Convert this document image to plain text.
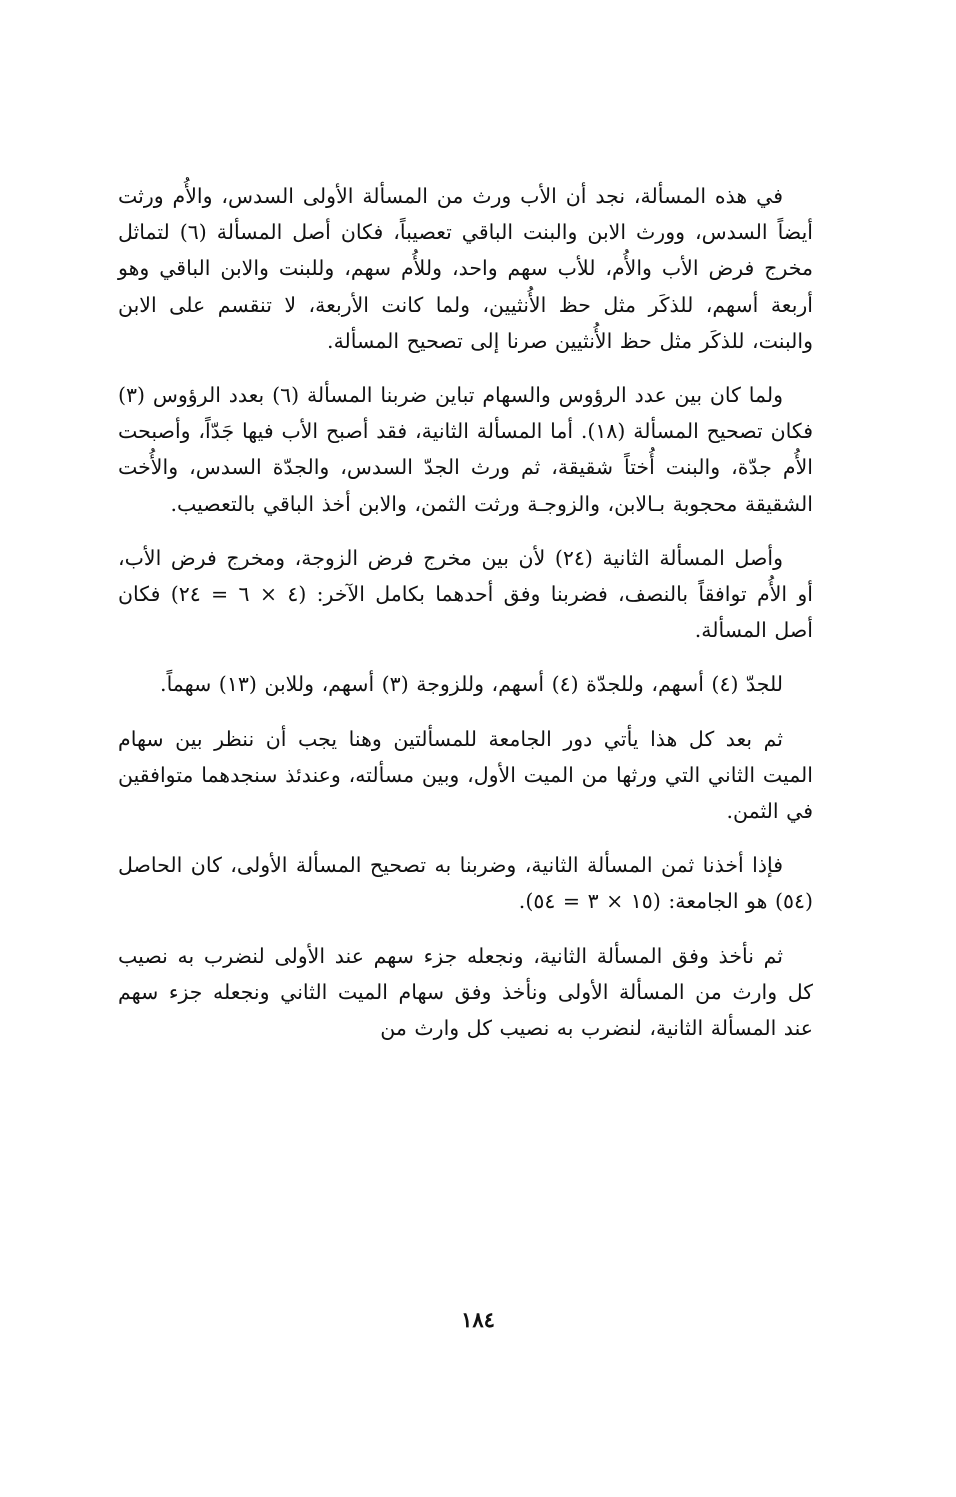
في هذه المسألة، نجد أن الأب ورث من المسألة الأولى السدس، والأُم ورثت أيضاً السدس، وورث الابن والبنت الباقي تعصيباً، فكان أصل المسألة (٦) لتماثل مخرج فرض الأب والأُم، للأب سهم واحد، وللأُم سهم، وللبنت والابن الباقي وهو أربعة أسهم، للذكَر مثل حظ الأُنثيين، ولما كانت الأربعة، لا تنقسم على الابن والبنت، للذكَر مثل حظ الأُنثيين صرنا إلى تصحيح المسألة.

ولما كان بين عدد الرؤوس والسهام تباين ضربنا المسألة (٦) بعدد الرؤوس (٣) فكان تصحيح المسألة (١٨). أما المسألة الثانية، فقد أصبح الأب فيها جَدّاً، وأصبحت الأُم جدّة، والبنت أُختاً شقيقة، ثم ورث الجدّ السدس، والجدّة السدس، والأُخت الشقيقة محجوبة بـالابن، والزوجـة ورثت الثمن، والابن أخذ الباقي بالتعصيب.

وأصل المسألة الثانية (٢٤) لأن بين مخرج فرض الزوجة، ومخرج فرض الأب، أو الأُم توافقاً بالنصف، فضربنا وفق أحدهما بكامل الآخر: (٤ × ٦ = ٢٤) فكان أصل المسألة.

للجدّ (٤) أسهم، وللجدّة (٤) أسهم، وللزوجة (٣) أسهم، وللابن (١٣) سهماً.

ثم بعد كل هذا يأتي دور الجامعة للمسألتين وهنا يجب أن ننظر بين سهام الميت الثاني التي ورثها من الميت الأول، وبين مسألته، وعندئذ سنجدهما متوافقين في الثمن.

فإذا أخذنا ثمن المسألة الثانية، وضربنا به تصحيح المسألة الأولى، كان الحاصل (٥٤) هو الجامعة: (١٥ × ٣ = ٥٤).

ثم نأخذ وفق المسألة الثانية، ونجعله جزء سهم عند الأولى لنضرب به نصيب كل وارث من المسألة الأولى ونأخذ وفق سهام الميت الثاني ونجعله جزء سهم عند المسألة الثانية، لنضرب به نصيب كل وارث من

١٨٤
